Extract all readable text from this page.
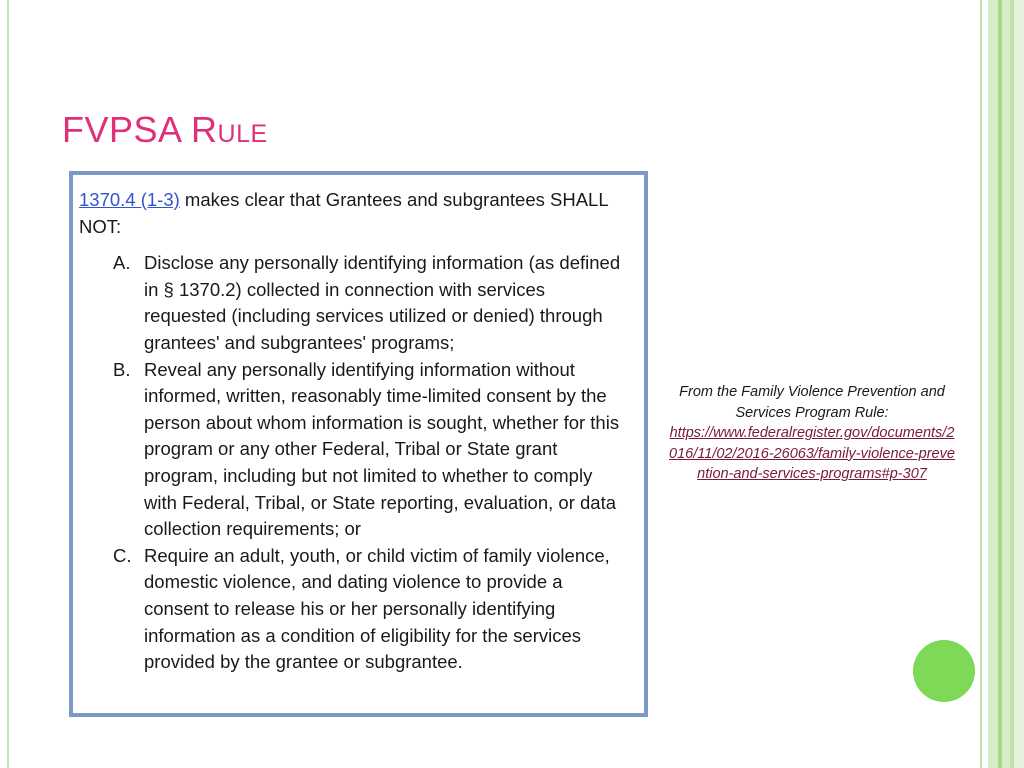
FVPSA Rule

1370.4 (1-3) makes clear that Grantees and subgrantees SHALL NOT:

A. Disclose any personally identifying information (as defined in § 1370.2) collected in connection with services requested (including services utilized or denied) through grantees' and subgrantees' programs;
B. Reveal any personally identifying information without informed, written, reasonably time-limited consent by the person about whom information is sought, whether for this program or any other Federal, Tribal or State grant program, including but not limited to whether to comply with Federal, Tribal, or State reporting, evaluation, or data collection requirements; or
C. Require an adult, youth, or child victim of family violence, domestic violence, and dating violence to provide a consent to release his or her personally identifying information as a condition of eligibility for the services provided by the grantee or subgrantee.
From the Family Violence Prevention and Services Program Rule:
https://www.federalregister.gov/documents/2016/11/02/2016-26063/family-violence-prevention-and-services-programs#p-307
